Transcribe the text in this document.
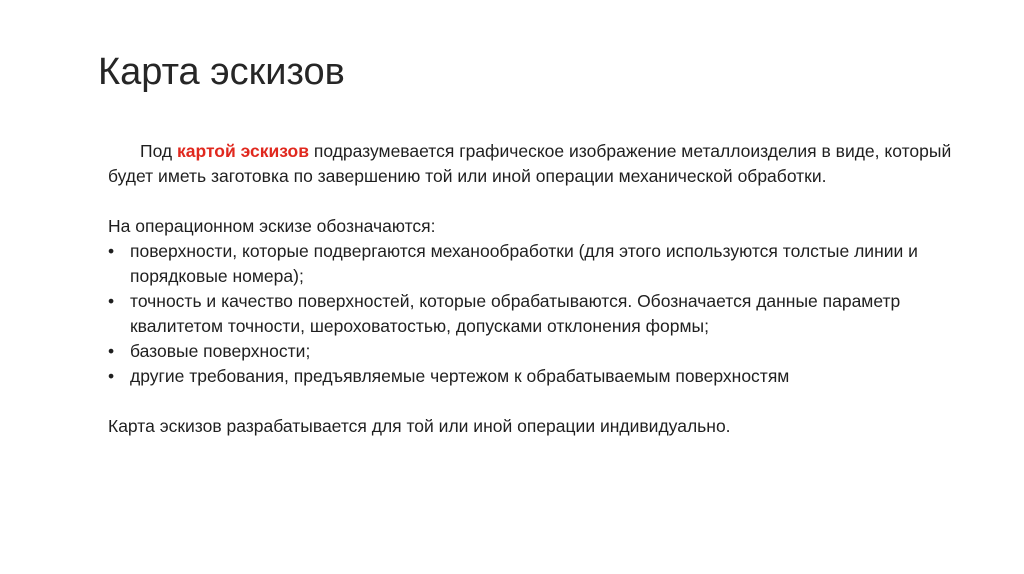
Карта эскизов

Под картой эскизов подразумевается графическое изображение металлоизделия в виде, который будет иметь заготовка по завершению той или иной операции механической обработки.

На операционном эскизе обозначаются:

• поверхности, которые подвергаются механообработки (для этого используются толстые линии и порядковые номера);
• точность и качество поверхностей, которые обрабатываются. Обозначается данные параметр квалитетом точности, шероховатостью, допусками отклонения формы;
• базовые поверхности;
• другие требования, предъявляемые чертежом к обрабатываемым поверхностям

Карта эскизов разрабатывается для той или иной операции индивидуально.
